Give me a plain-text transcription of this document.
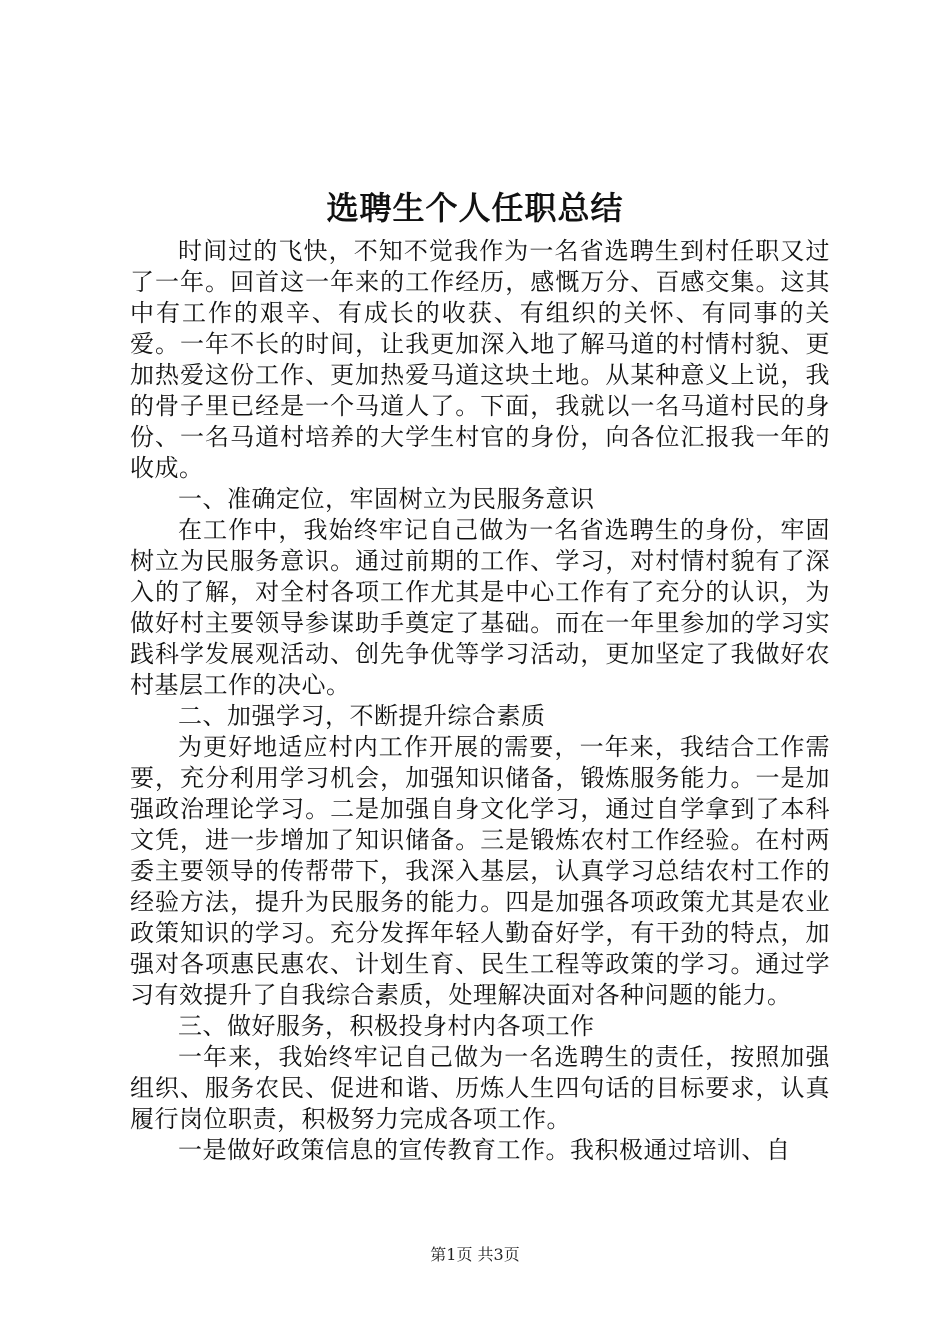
选聘生个人任职总结

时间过的飞快，不知不觉我作为一名省选聘生到村任职又过了一年。回首这一年来的工作经历，感慨万分、百感交集。这其中有工作的艰辛、有成长的收获、有组织的关怀、有同事的关爱。一年不长的时间，让我更加深入地了解马道的村情村貌、更加热爱这份工作、更加热爱马道这块土地。从某种意义上说，我的骨子里已经是一个马道人了。下面，我就以一名马道村民的身份、一名马道村培养的大学生村官的身份，向各位汇报我一年的收成。

一、准确定位，牢固树立为民服务意识

在工作中，我始终牢记自己做为一名省选聘生的身份，牢固树立为民服务意识。通过前期的工作、学习，对村情村貌有了深入的了解，对全村各项工作尤其是中心工作有了充分的认识，为做好村主要领导参谋助手奠定了基础。而在一年里参加的学习实践科学发展观活动、创先争优等学习活动，更加坚定了我做好农村基层工作的决心。

二、加强学习，不断提升综合素质

为更好地适应村内工作开展的需要，一年来，我结合工作需要，充分利用学习机会，加强知识储备，锻炼服务能力。一是加强政治理论学习。二是加强自身文化学习，通过自学拿到了本科文凭，进一步增加了知识储备。三是锻炼农村工作经验。在村两委主要领导的传帮带下，我深入基层，认真学习总结农村工作的经验方法，提升为民服务的能力。四是加强各项政策尤其是农业政策知识的学习。充分发挥年轻人勤奋好学，有干劲的特点，加强对各项惠民惠农、计划生育、民生工程等政策的学习。通过学习有效提升了自我综合素质，处理解决面对各种问题的能力。

三、做好服务，积极投身村内各项工作

一年来，我始终牢记自己做为一名选聘生的责任，按照加强组织、服务农民、促进和谐、历炼人生四句话的目标要求，认真履行岗位职责，积极努力完成各项工作。

一是做好政策信息的宣传教育工作。我积极通过培训、自

第1页 共3页
